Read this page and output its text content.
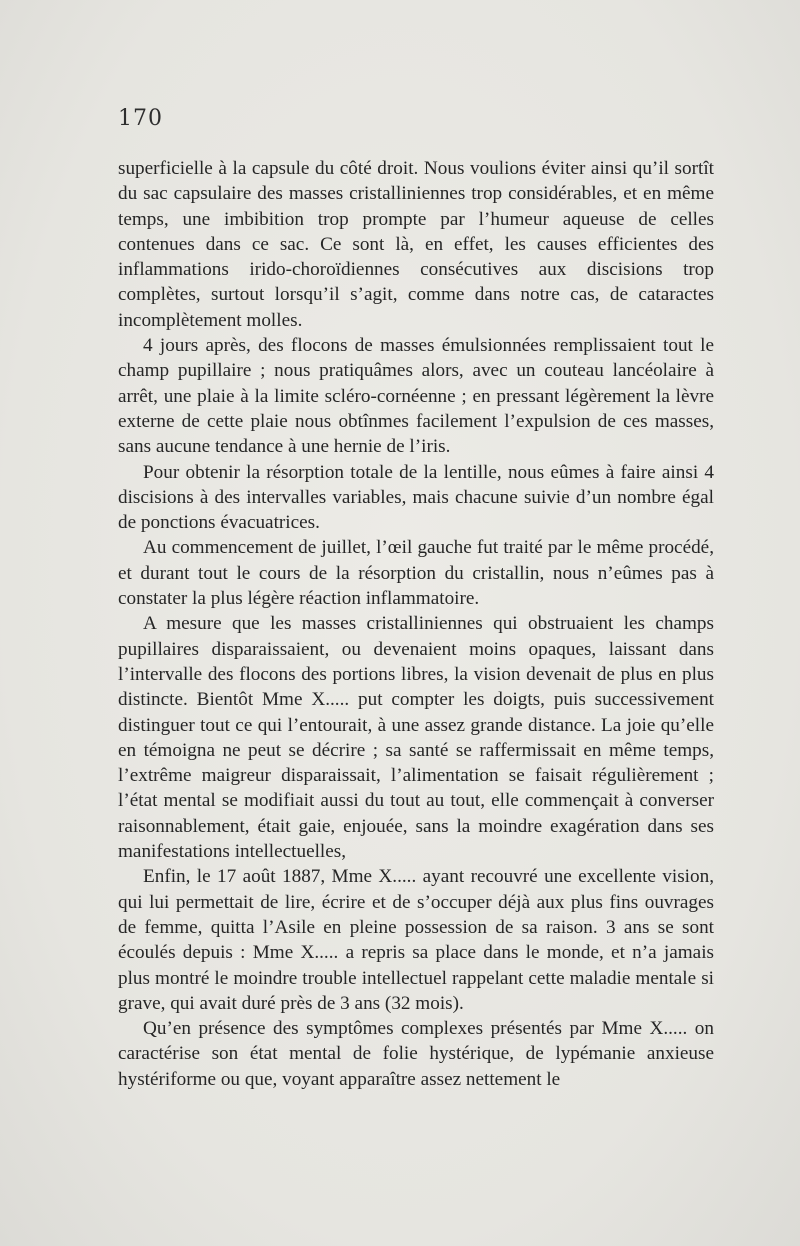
170

superficielle à la capsule du côté droit. Nous voulions éviter ainsi qu’il sortît du sac capsulaire des masses cristalliniennes trop considérables, et en même temps, une imbibition trop prompte par l’humeur aqueuse de celles contenues dans ce sac. Ce sont là, en effet, les causes efficientes des inflammations irido-choroïdiennes consécutives aux discisions trop complètes, surtout lorsqu’il s’agit, comme dans notre cas, de cataractes incomplètement molles.

4 jours après, des flocons de masses émulsionnées remplissaient tout le champ pupillaire ; nous pratiquâmes alors, avec un couteau lancéolaire à arrêt, une plaie à la limite scléro-cornéenne ; en pressant légèrement la lèvre externe de cette plaie nous obtînmes facilement l’expulsion de ces masses, sans aucune tendance à une hernie de l’iris.

Pour obtenir la résorption totale de la lentille, nous eûmes à faire ainsi 4 discisions à des intervalles variables, mais chacune suivie d’un nombre égal de ponctions évacuatrices.

Au commencement de juillet, l’œil gauche fut traité par le même procédé, et durant tout le cours de la résorption du cristallin, nous n’eûmes pas à constater la plus légère réaction inflammatoire.

A mesure que les masses cristalliniennes qui obstruaient les champs pupillaires disparaissaient, ou devenaient moins opaques, laissant dans l’intervalle des flocons des portions libres, la vision devenait de plus en plus distincte. Bientôt Mme X..... put compter les doigts, puis successivement distinguer tout ce qui l’entourait, à une assez grande distance. La joie qu’elle en témoigna ne peut se décrire ; sa santé se raffermissait en même temps, l’extrême maigreur disparaissait, l’alimentation se faisait régulièrement ; l’état mental se modifiait aussi du tout au tout, elle commençait à converser raisonnablement, était gaie, enjouée, sans la moindre exagération dans ses manifestations intellectuelles,

Enfin, le 17 août 1887, Mme X..... ayant recouvré une excellente vision, qui lui permettait de lire, écrire et de s’occuper déjà aux plus fins ouvrages de femme, quitta l’Asile en pleine possession de sa raison. 3 ans se sont écoulés depuis : Mme X..... a repris sa place dans le monde, et n’a jamais plus montré le moindre trouble intellectuel rappelant cette maladie mentale si grave, qui avait duré près de 3 ans (32 mois).

Qu’en présence des symptômes complexes présentés par Mme X..... on caractérise son état mental de folie hystérique, de lypémanie anxieuse hystériforme ou que, voyant apparaître assez nettement le
